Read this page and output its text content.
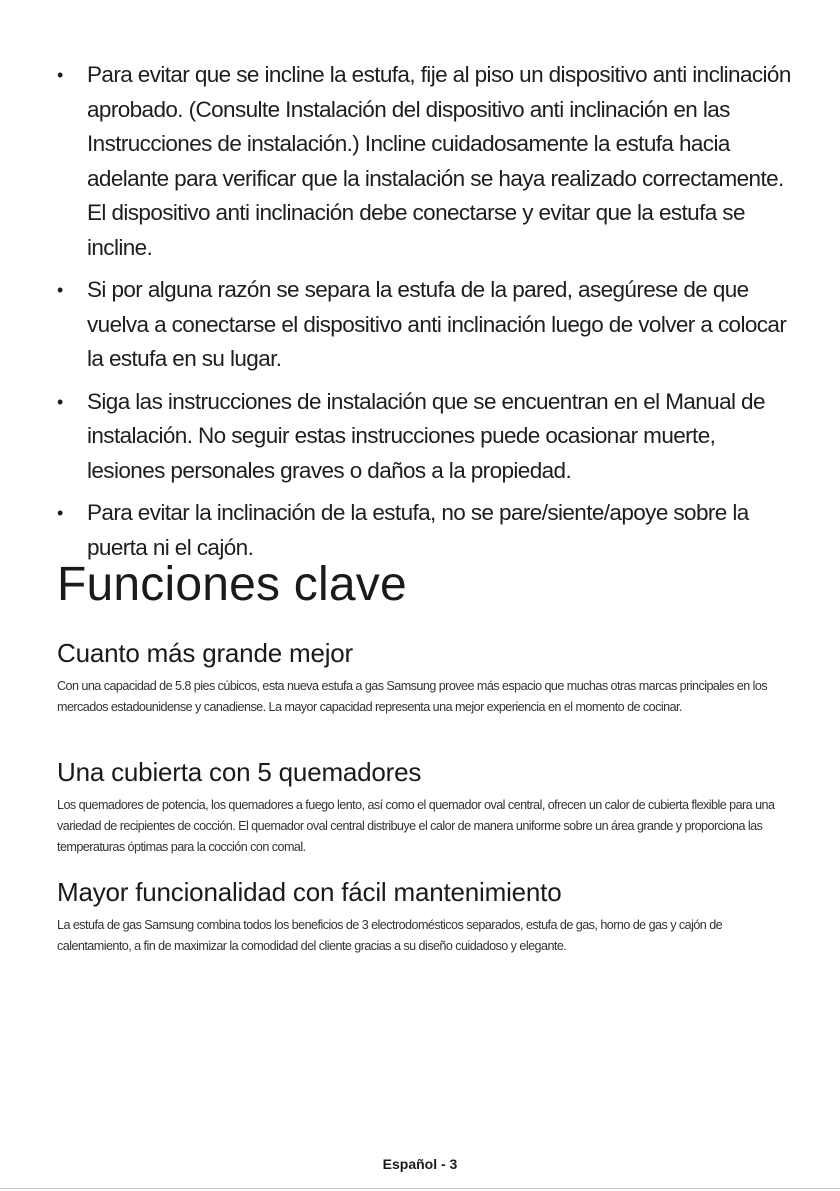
• Para evitar que se incline la estufa, fije al piso un dispositivo anti inclinación aprobado. (Consulte Instalación del dispositivo anti inclinación en las Instrucciones de instalación.) Incline cuidadosamente la estufa hacia adelante para verificar que la instalación se haya realizado correctamente. El dispositivo anti inclinación debe conectarse y evitar que la estufa se incline.
• Si por alguna razón se separa la estufa de la pared, asegúrese de que vuelva a conectarse el dispositivo anti inclinación luego de volver a colocar la estufa en su lugar.
• Siga las instrucciones de instalación que se encuentran en el Manual de instalación. No seguir estas instrucciones puede ocasionar muerte, lesiones personales graves o daños a la propiedad.
• Para evitar la inclinación de la estufa, no se pare/siente/apoye sobre la puerta ni el cajón.
Funciones clave
Cuanto más grande mejor

Con una capacidad de 5.8 pies cúbicos, esta nueva estufa a gas Samsung provee más espacio que muchas otras marcas principales en los mercados estadounidense y canadiense. La mayor capacidad representa una mejor experiencia en el momento de cocinar.

Una cubierta con 5 quemadores

Los quemadores de potencia, los quemadores a fuego lento, así como el quemador oval central, ofrecen un calor de cubierta flexible para una variedad de recipientes de cocción. El quemador oval central distribuye el calor de manera uniforme sobre un área grande y proporciona las temperaturas óptimas para la cocción con comal.

Mayor funcionalidad con fácil mantenimiento

La estufa de gas Samsung combina todos los beneficios de 3 electrodomésticos separados, estufa de gas, horno de gas y cajón de calentamiento, a fin de maximizar la comodidad del cliente gracias a su diseño cuidadoso y elegante.

Español - 3
